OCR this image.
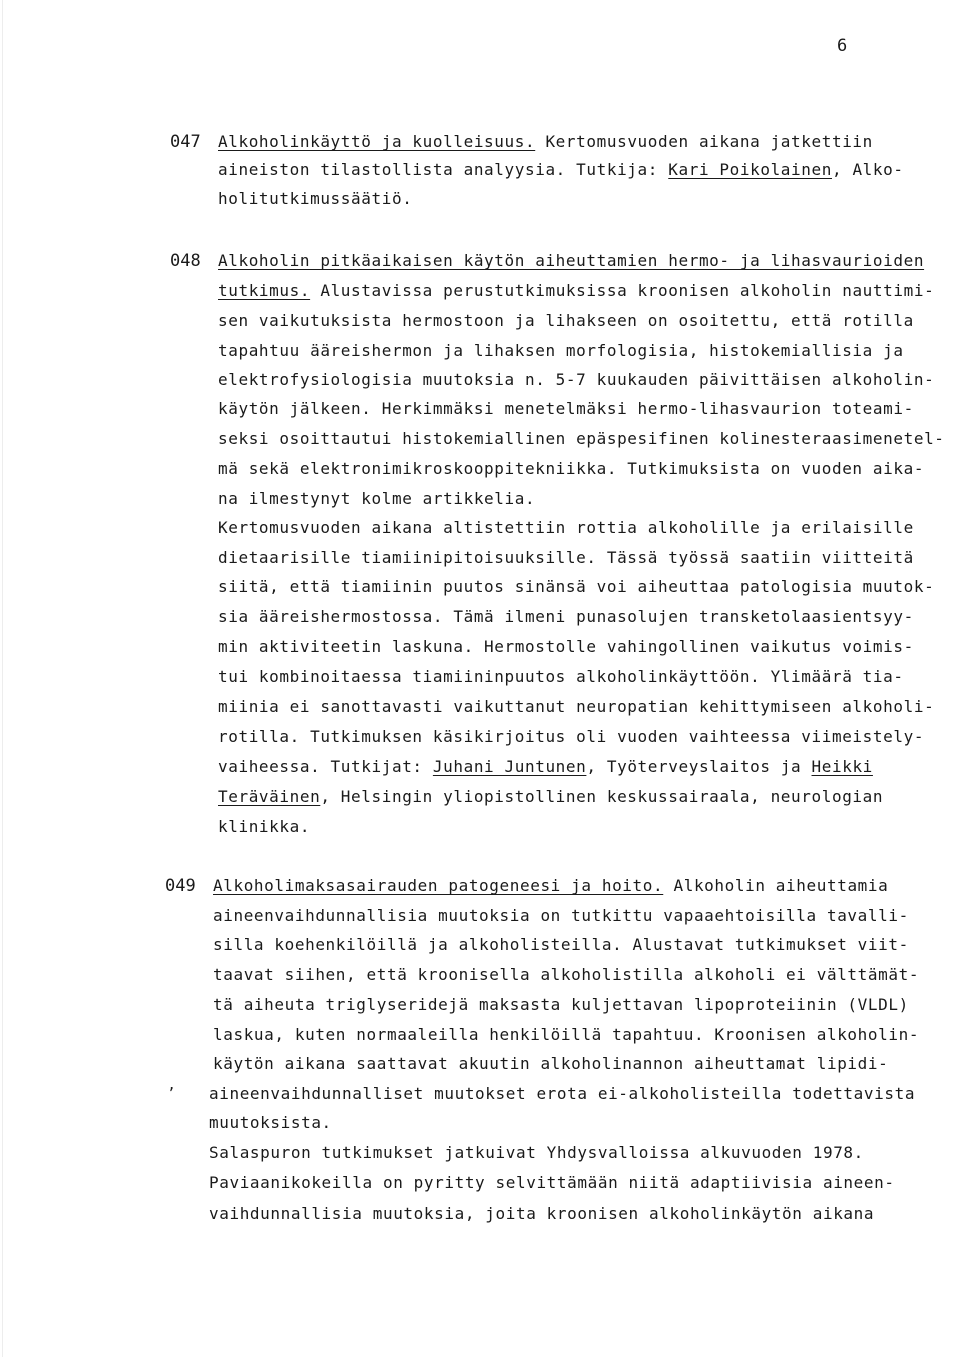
6
047 Alkoholinkäyttö ja kuolleisuus. Kertomusvuoden aikana jatkettiin
aineiston tilastollista analyysia. Tutkija: Kari Poikolainen, Alko-
holitutkimussäätiö.
048 Alkoholin pitkäaikaisen käytön aiheuttamien hermo- ja lihasvaurioiden
tutkimus. Alustavissa perustutkimuksissa kroonisen alkoholin nauttimi-
sen vaikutuksista hermostoon ja lihakseen on osoitettu, että rotilla
tapahtuu ääreishermon ja lihaksen morfologisia, histokemiallisia ja
elektrofysiologisia muutoksia n. 5-7 kuukauden päivittäisen alkoholin-
käytön jälkeen. Herkimmäksi menetelmäksi hermo-lihasvaurion toteami-
seksi osoittautui histokemiallinen epäspesifinen kolinesteraasimenetel-
mä sekä elektronimikroskooppitekniikka. Tutkimuksista on vuoden aika-
na ilmestynyt kolme artikkelia.
Kertomusvuoden aikana altistettiin rottia alkoholille ja erilaisille
dietaarisille tiamiinipitoisuuksille. Tässä työssä saatiin viitteitä
siitä, että tiamiinin puutos sinänsä voi aiheuttaa patologisia muutok-
sia ääreishermostossa. Tämä ilmeni punasolujen transketolaasientsyy-
min aktiviteetin laskuna. Hermostolle vahingollinen vaikutus voimis-
tui kombinoitaessa tiamiininpuutos alkoholinkäyttöön. Ylimäärä tia-
miinia ei sanottavasti vaikuttanut neuropatian kehittymiseen alkoholi-
rotilla. Tutkimuksen käsikirjoitus oli vuoden vaihteessa viimeistely-
vaiheessa. Tutkijat: Juhani Juntunen, Työterveyslaitos ja Heikki
Teräväinen, Helsingin yliopistollinen keskussairaala, neurologian
klinikka.
049 Alkoholimaksasairauden patogeneesi ja hoito. Alkoholin aiheuttamia
aineenvaihdunnallisia muutoksia on tutkittu vapaaehtoisilla tavalli-
silla koehenkilöillä ja alkoholisteilla. Alustavat tutkimukset viit-
taavat siihen, että kroonisella alkoholistilla alkoholi ei välttämät-
tä aiheuta triglyseridejä maksasta kuljettavan lipoproteiinin (VLDL)
laskua, kuten normaaleilla henkilöillä tapahtuu. Kroonisen alkoholin-
käytön aikana saattavat akuutin alkoholinannon aiheuttamat lipidi-
’ aineenvaihdunnalliset muutokset erota ei-alkoholisteilla todettavista
muutoksista.
Salaspuron tutkimukset jatkuivat Yhdysvalloissa alkuvuoden 1978.
Paviaanikokeilla on pyritty selvittämään niitä adaptiivisia aineen-
vaihdunnallisia muutoksia, joita kroonisen alkoholinkäytön aikana
